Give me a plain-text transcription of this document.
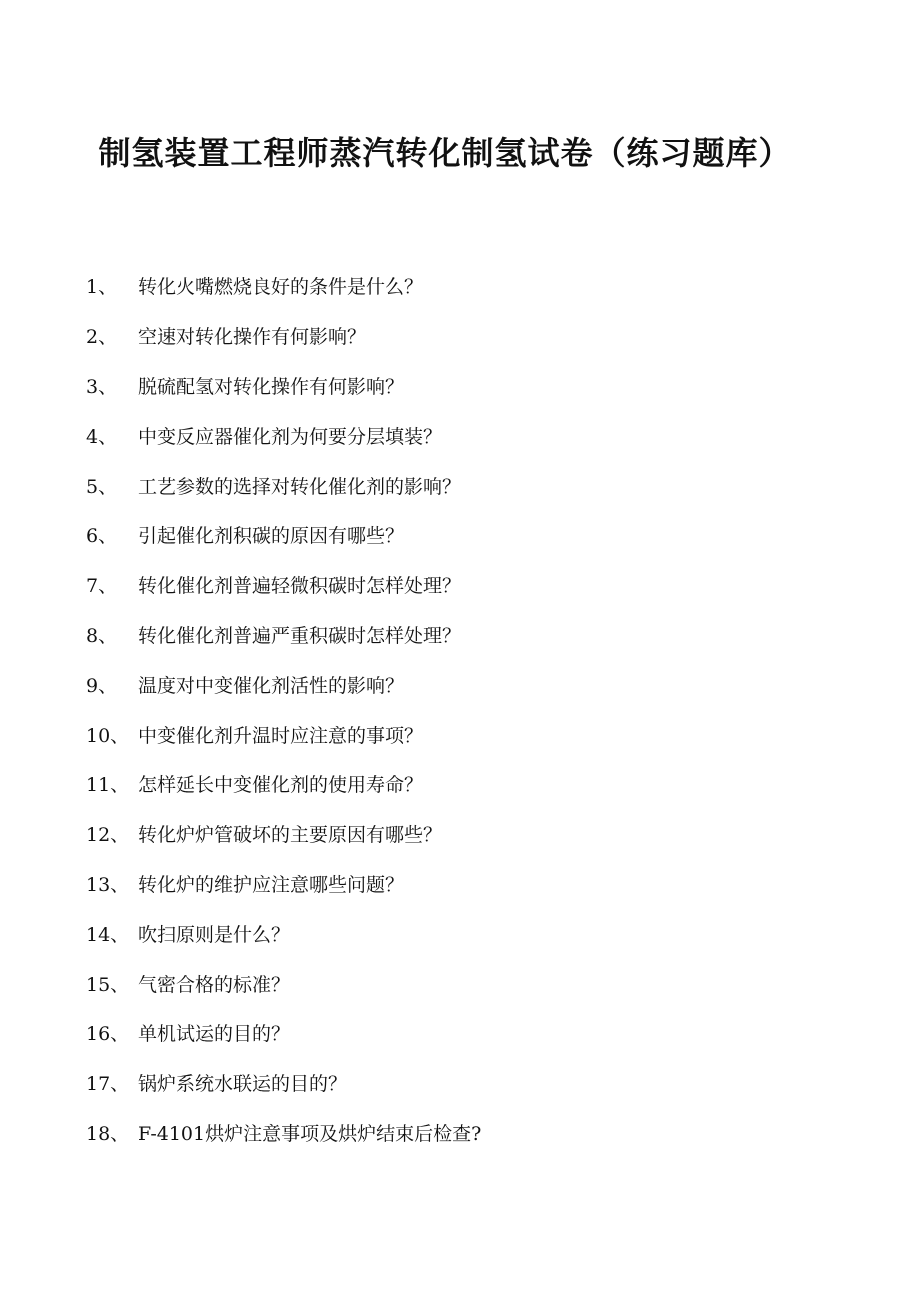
制氢装置工程师蒸汽转化制氢试卷（练习题库）
1、	转化火嘴燃烧良好的条件是什么？
2、	空速对转化操作有何影响？
3、	脱硫配氢对转化操作有何影响？
4、	中变反应器催化剂为何要分层填装？
5、	工艺参数的选择对转化催化剂的影响？
6、	引起催化剂积碳的原因有哪些？
7、	转化催化剂普遍轻微积碳时怎样处理？
8、	转化催化剂普遍严重积碳时怎样处理？
9、	温度对中变催化剂活性的影响？
10、 中变催化剂升温时应注意的事项？
11、 怎样延长中变催化剂的使用寿命？
12、 转化炉炉管破坏的主要原因有哪些？
13、 转化炉的维护应注意哪些问题？
14、 吹扫原则是什么？
15、 气密合格的标准？
16、 单机试运的目的？
17、 锅炉系统水联运的目的？
18、 F-4101烘炉注意事项及烘炉结束后检查?
